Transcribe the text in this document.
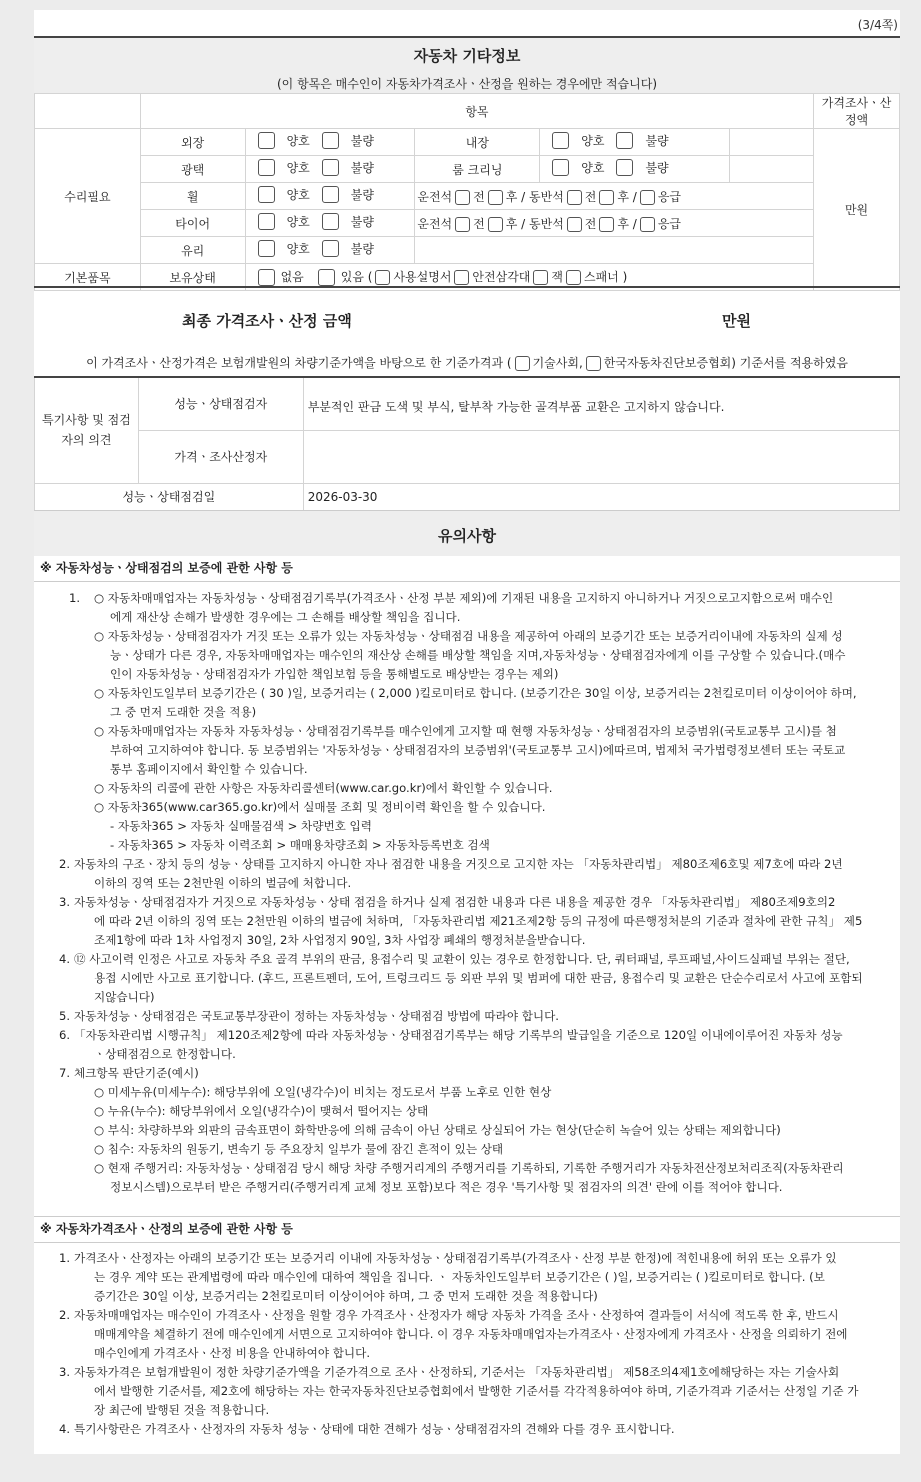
(3/4쪽)
자동차 기타정보
(이 항목은 매수인이 자동차가격조사ㆍ산정을 원하는 경우에만 적습니다)
	항목					가격조사ㆍ산정액
수리필요	외장	양호 불량	내장	양호 불량		만원
	광택	양호 불량	룸 크리닝	양호 불량		

	휠	양호 불량	운전석 전 후 / 동반석 전 후 / 응급			
	타이어	양호 불량	운전석 전 후 / 동반석 전 후 / 응급			
	유리	양호 불량				

기본품목	보유상태	없음 있음 ( 사용설명서 안전삼각대 잭 스패너 )				
최종 가격조사ㆍ산정 금액	만원
이 가격조사ㆍ산정가격은 보험개발원의 차량기준가액을 바탕으로 한 기준가격과 ( 기술사회, 한국자동차진단보증협회) 기준서를 적용하였음
특기사항 및 점검자의 의견	성능ㆍ상태점검자	부분적인 판금 도색 및 부식, 탈부착 가능한 골격부품 교환은 고지하지 않습니다.
	가격ㆍ조사산정자	
성능ㆍ상태점검일		2026-03-30
유의사항
※ 자동차성능ㆍ상태점검의 보증에 관한 사항 등
1. ○ 자동차매매업자는 자동차성능ㆍ상태점검기록부(가격조사ㆍ산정 부분 제외)에 기재된 내용을 고지하지 아니하거나 거짓으로고지함으로써 매수인
에게 재산상 손해가 발생한 경우에는 그 손해를 배상할 책임을 집니다.
○ 자동차성능ㆍ상태점검자가 거짓 또는 오류가 있는 자동차성능ㆍ상태점검 내용을 제공하여 아래의 보증기간 또는 보증거리이내에 자동차의 실제 성
능ㆍ상태가 다른 경우, 자동차매매업자는 매수인의 재산상 손해를 배상할 책임을 지며,자동차성능ㆍ상태점검자에게 이를 구상할 수 있습니다.(매수
인이 자동차성능ㆍ상태점검자가 가입한 책임보험 등을 통해별도로 배상받는 경우는 제외)
○ 자동차인도일부터 보증기간은 ( 30 )일, 보증거리는 ( 2,000 )킬로미터로 합니다. (보증기간은 30일 이상, 보증거리는 2천킬로미터 이상이어야 하며,
그 중 먼저 도래한 것을 적용)
○ 자동차매매업자는 자동차 자동차성능ㆍ상태점검기록부를 매수인에게 고지할 때 현행 자동차성능ㆍ상태점검자의 보증범위(국토교통부 고시)를 첨
부하여 고지하여야 합니다. 동 보증범위는 '자동차성능ㆍ상태점검자의 보증범위'(국토교통부 고시)에따르며, 법제처 국가법령정보센터 또는 국토교
통부 홈페이지에서 확인할 수 있습니다.
○ 자동차의 리콜에 관한 사항은 자동차리콜센터(www.car.go.kr)에서 확인할 수 있습니다.
○ 자동차365(www.car365.go.kr)에서 실매물 조회 및 정비이력 확인을 할 수 있습니다.
- 자동차365 > 자동차 실매물검색 > 차량번호 입력
- 자동차365 > 자동차 이력조회 > 매매용차량조회 > 자동차등록번호 검색
2. 자동차의 구조ㆍ장치 등의 성능ㆍ상태를 고지하지 아니한 자나 점검한 내용을 거짓으로 고지한 자는 「자동차관리법」 제80조제6호및 제7호에 따라 2년
이하의 징역 또는 2천만원 이하의 벌금에 처합니다.
3. 자동차성능ㆍ상태점검자가 거짓으로 자동차성능ㆍ상태 점검을 하거나 실제 점검한 내용과 다른 내용을 제공한 경우 「자동차관리법」 제80조제9호의2
에 따라 2년 이하의 징역 또는 2천만원 이하의 벌금에 처하며, 「자동차관리법 제21조제2항 등의 규정에 따른행정처분의 기준과 절차에 관한 규칙」 제5
조제1항에 따라 1차 사업정지 30일, 2차 사업정지 90일, 3차 사업장 폐쇄의 행정처분을받습니다.
4. ⑫ 사고이력 인정은 사고로 자동차 주요 골격 부위의 판금, 용접수리 및 교환이 있는 경우로 한정합니다. 단, 쿼터패널, 루프패널,사이드실패널 부위는 절단,
용접 시에만 사고로 표기합니다. (후드, 프론트펜더, 도어, 트렁크리드 등 외판 부위 및 범퍼에 대한 판금, 용접수리 및 교환은 단순수리로서 사고에 포함되
지않습니다)
5. 자동차성능ㆍ상태점검은 국토교통부장관이 정하는 자동차성능ㆍ상태점검 방법에 따라야 합니다.
6. 「자동차관리법 시행규칙」 제120조제2항에 따라 자동차성능ㆍ상태점검기록부는 해당 기록부의 발급일을 기준으로 120일 이내에이루어진 자동차 성능
ㆍ상태점검으로 한정합니다.
7. 체크항목 판단기준(예시)
○ 미세누유(미세누수): 해당부위에 오일(냉각수)이 비치는 정도로서 부품 노후로 인한 현상
○ 누유(누수): 해당부위에서 오일(냉각수)이 맺혀서 떨어지는 상태
○ 부식: 차량하부와 외판의 금속표면이 화학반응에 의해 금속이 아닌 상태로 상실되어 가는 현상(단순히 녹슬어 있는 상태는 제외합니다)
○ 침수: 자동차의 원동기, 변속기 등 주요장치 일부가 물에 잠긴 흔적이 있는 상태
○ 현재 주행거리: 자동차성능ㆍ상태점검 당시 해당 차량 주행거리계의 주행거리를 기록하되, 기록한 주행거리가 자동차전산정보처리조직(자동차관리
정보시스템)으로부터 받은 주행거리(주행거리계 교체 정보 포함)보다 적은 경우 '특기사항 및 점검자의 의견' 란에 이를 적어야 합니다.
※ 자동차가격조사ㆍ산정의 보증에 관한 사항 등
1. 가격조사ㆍ산정자는 아래의 보증기간 또는 보증거리 이내에 자동차성능ㆍ상태점검기록부(가격조사ㆍ산정 부분 한정)에 적힌내용에 허위 또는 오류가 있
는 경우 계약 또는 관계법령에 따라 매수인에 대하여 책임을 집니다. ㆍ 자동차인도일부터 보증기간은 ( )일, 보증거리는 ( )킬로미터로 합니다. (보
증기간은 30일 이상, 보증거리는 2천킬로미터 이상이어야 하며, 그 중 먼저 도래한 것을 적용합니다)
2. 자동차매매업자는 매수인이 가격조사ㆍ산정을 원할 경우 가격조사ㆍ산정자가 해당 자동차 가격을 조사ㆍ산정하여 결과들이 서식에 적도록 한 후, 반드시
매매계약을 체결하기 전에 매수인에게 서면으로 고지하여야 합니다. 이 경우 자동차매매업자는가격조사ㆍ산정자에게 가격조사ㆍ산정을 의뢰하기 전에
매수인에게 가격조사ㆍ산정 비용을 안내하여야 합니다.
3. 자동차가격은 보험개발원이 정한 차량기준가액을 기준가격으로 조사ㆍ산정하되, 기준서는 「자동차관리법」 제58조의4제1호에해당하는 자는 기술사회
에서 발행한 기준서를, 제2호에 해당하는 자는 한국자동차진단보증협회에서 발행한 기준서를 각각적용하여야 하며, 기준가격과 기준서는 산정일 기준 가
장 최근에 발행된 것을 적용합니다.
4. 특기사항란은 가격조사ㆍ산정자의 자동차 성능ㆍ상태에 대한 견해가 성능ㆍ상태점검자의 견해와 다를 경우 표시합니다.
